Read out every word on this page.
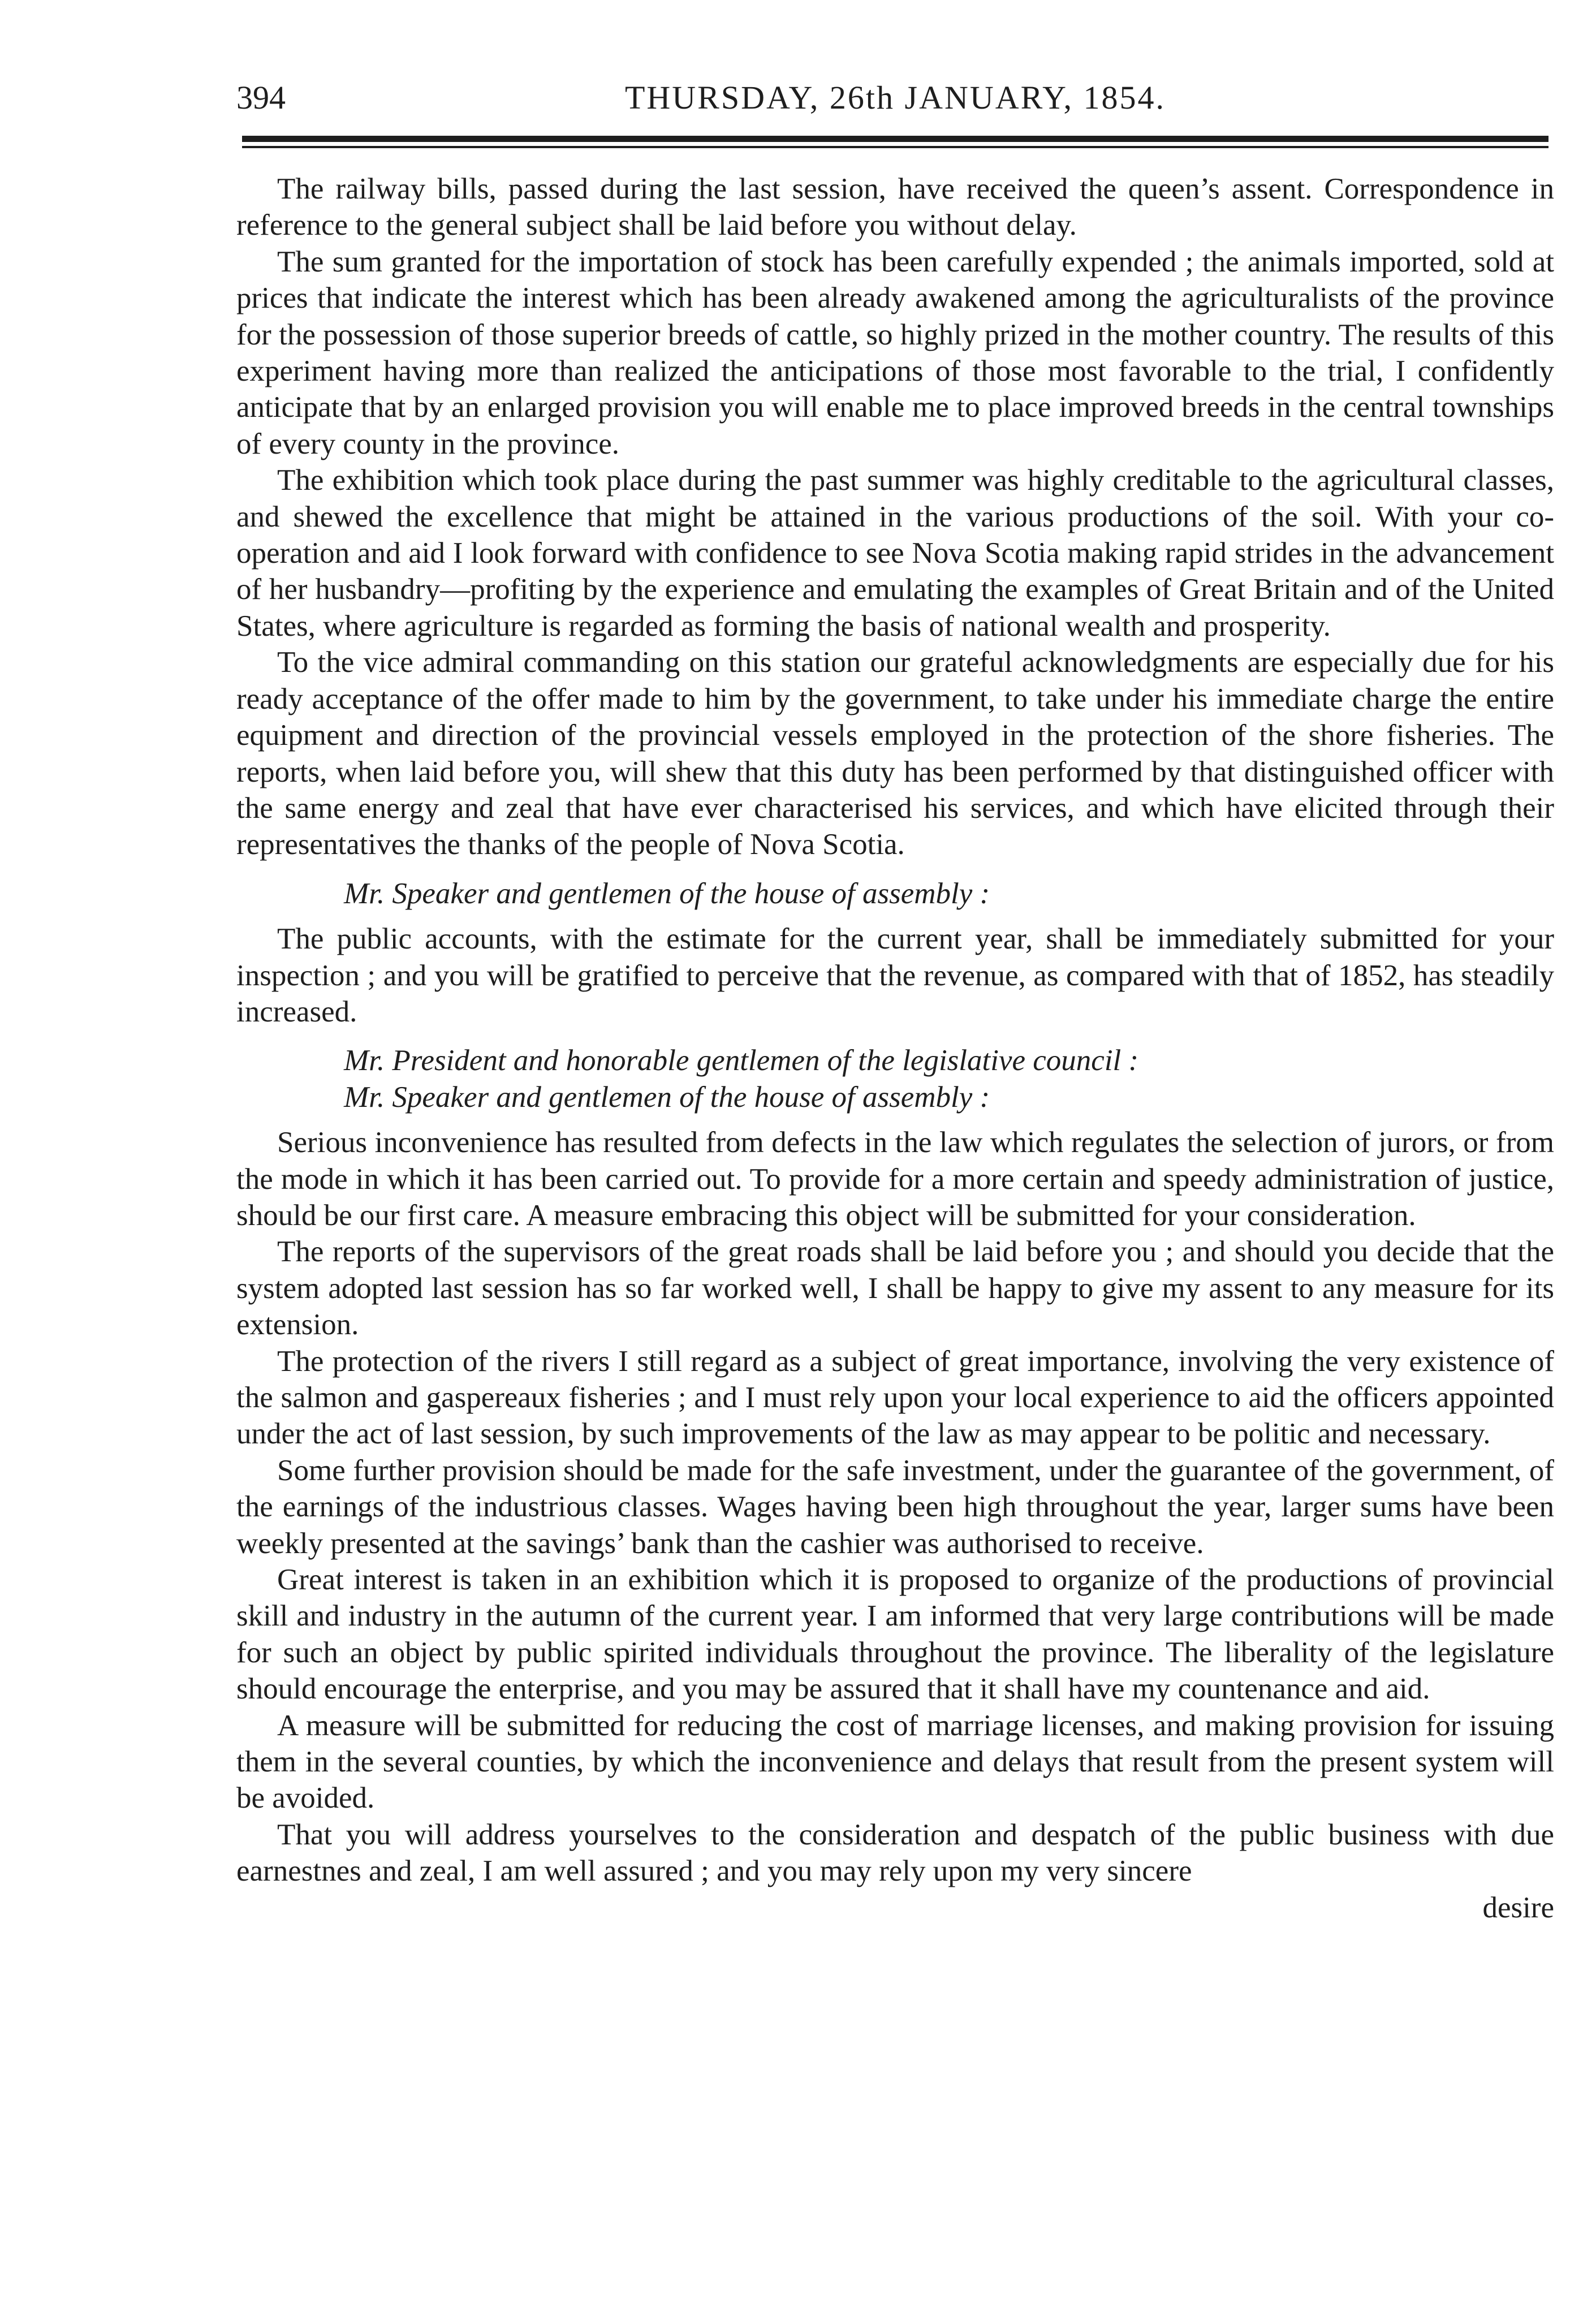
394	THURSDAY, 26th JANUARY, 1854.

The railway bills, passed during the last session, have received the queen’s assent. Correspondence in reference to the general subject shall be laid before you without delay.

The sum granted for the importation of stock has been carefully expended ; the animals imported, sold at prices that indicate the interest which has been already awakened among the agriculturalists of the province for the possession of those superior breeds of cattle, so highly prized in the mother country. The results of this experiment having more than realized the anticipations of those most favorable to the trial, I confidently anticipate that by an enlarged provision you will enable me to place improved breeds in the central townships of every county in the province.

The exhibition which took place during the past summer was highly creditable to the agricultural classes, and shewed the excellence that might be attained in the various productions of the soil. With your co-operation and aid I look forward with confidence to see Nova Scotia making rapid strides in the advancement of her husbandry—profiting by the experience and emulating the examples of Great Britain and of the United States, where agriculture is regarded as forming the basis of national wealth and prosperity.

To the vice admiral commanding on this station our grateful acknowledgments are especially due for his ready acceptance of the offer made to him by the government, to take under his immediate charge the entire equipment and direction of the provincial vessels employed in the protection of the shore fisheries. The reports, when laid before you, will shew that this duty has been performed by that distinguished officer with the same energy and zeal that have ever characterised his services, and which have elicited through their representatives the thanks of the people of Nova Scotia.

Mr. Speaker and gentlemen of the house of assembly :

The public accounts, with the estimate for the current year, shall be immediately submitted for your inspection ; and you will be gratified to perceive that the revenue, as compared with that of 1852, has steadily increased.

Mr. President and honorable gentlemen of the legislative council :

Mr. Speaker and gentlemen of the house of assembly :

Serious inconvenience has resulted from defects in the law which regulates the selection of jurors, or from the mode in which it has been carried out. To provide for a more certain and speedy administration of justice, should be our first care. A measure embracing this object will be submitted for your consideration.

The reports of the supervisors of the great roads shall be laid before you ; and should you decide that the system adopted last session has so far worked well, I shall be happy to give my assent to any measure for its extension.

The protection of the rivers I still regard as a subject of great importance, involving the very existence of the salmon and gaspereaux fisheries ; and I must rely upon your local experience to aid the officers appointed under the act of last session, by such improvements of the law as may appear to be politic and necessary.

Some further provision should be made for the safe investment, under the guarantee of the government, of the earnings of the industrious classes. Wages having been high throughout the year, larger sums have been weekly presented at the savings’ bank than the cashier was authorised to receive.

Great interest is taken in an exhibition which it is proposed to organize of the productions of provincial skill and industry in the autumn of the current year. I am informed that very large contributions will be made for such an object by public spirited individuals throughout the province. The liberality of the legislature should encourage the enterprise, and you may be assured that it shall have my countenance and aid.

A measure will be submitted for reducing the cost of marriage licenses, and making provision for issuing them in the several counties, by which the inconvenience and delays that result from the present system will be avoided.

That you will address yourselves to the consideration and despatch of the public business with due earnestnes and zeal, I am well assured ; and you may rely upon my very sincere

desire
